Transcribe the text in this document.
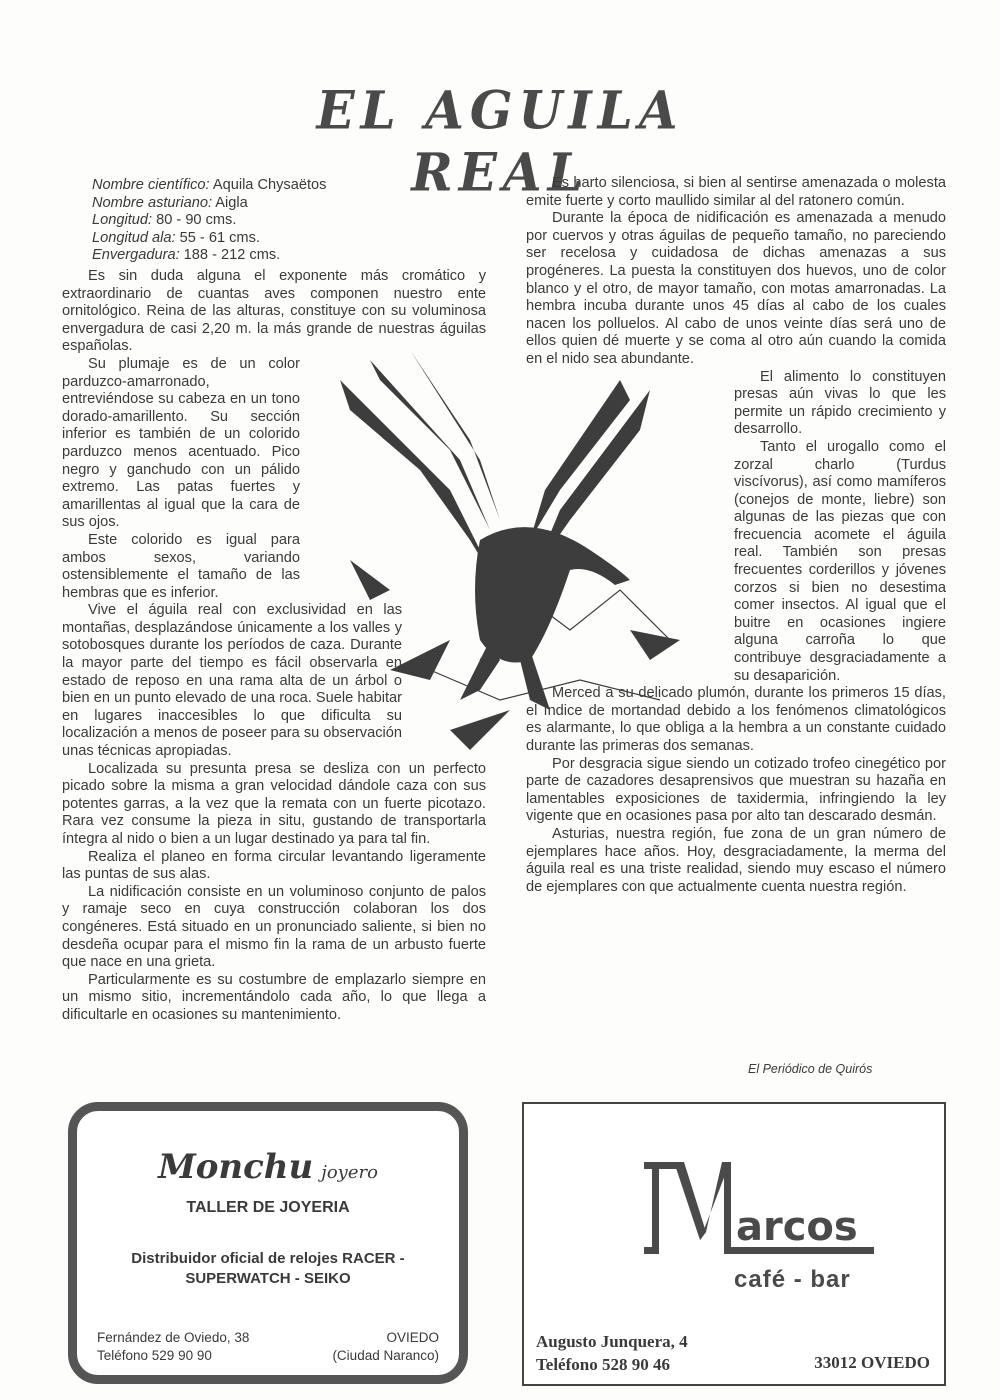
EL AGUILA REAL
Nombre científico: Aquila Chysaëtos
Nombre asturiano: Aigla
Longitud: 80 - 90 cms.
Longitud ala: 55 - 61 cms.
Envergadura: 188 - 212 cms.

Es sin duda alguna el exponente más cromático y extraordinario de cuantas aves componen nuestro ente ornitológico. Reina de las alturas, constituye con su voluminosa envergadura de casi 2,20 m. la más grande de nuestras águilas españolas.

Su plumaje es de un color parduzco-amarronado, entreviéndose su cabeza en un tono dorado-amarillento. Su sección inferior es también de un colorido parduzco menos acentuado. Pico negro y ganchudo con un pálido extremo. Las patas fuertes y amarillentas al igual que la cara de sus ojos.

Este colorido es igual para ambos sexos, variando ostensiblemente el tamaño de las hembras que es inferior.

Vive el águila real con exclusividad en las montañas, desplazándose únicamente a los valles y sotobosques durante los períodos de caza. Durante la mayor parte del tiempo es fácil observarla en estado de reposo en una rama alta de un árbol o bien en un punto elevado de una roca. Suele habitar en lugares inaccesibles lo que dificulta su localización a menos de poseer para su observación unas técnicas apropiadas.

Localizada su presunta presa se desliza con un perfecto picado sobre la misma a gran velocidad dándole caza con sus potentes garras, a la vez que la remata con un fuerte picotazo. Rara vez consume la pieza in situ, gustando de transportarla íntegra al nido o bien a un lugar destinado ya para tal fin.

Realiza el planeo en forma circular levantando ligeramente las puntas de sus alas.

La nidificación consiste en un voluminoso conjunto de palos y ramaje seco en cuya construcción colaboran los dos congéneres. Está situado en un pronunciado saliente, si bien no desdeña ocupar para el mismo fin la rama de un arbusto fuerte que nace en una grieta.

Particularmente es su costumbre de emplazarlo siempre en un mismo sitio, incrementándolo cada año, lo que llega a dificultarle en ocasiones su mantenimiento.

Es harto silenciosa, si bien al sentirse amenazada o molesta emite fuerte y corto maullido similar al del ratonero común.

Durante la época de nidificación es amenazada a menudo por cuervos y otras águilas de pequeño tamaño, no pareciendo ser recelosa y cuidadosa de dichas amenazas a sus progéneres. La puesta la constituyen dos huevos, uno de color blanco y el otro, de mayor tamaño, con motas amarronadas. La hembra incuba durante unos 45 días al cabo de los cuales nacen los polluelos. Al cabo de unos veinte días será uno de ellos quien dé muerte y se coma al otro aún cuando la comida en el nido sea abundante.

El alimento lo constituyen presas aún vivas lo que les permite un rápido crecimiento y desarrollo.

Tanto el urogallo como el zorzal charlo (Turdus viscívorus), así como mamíferos (conejos de monte, liebre) son algunas de las piezas que con frecuencia acomete el águila real. También son presas frecuentes corderillos y jóvenes corzos si bien no desestima comer insectos. Al igual que el buitre en ocasiones ingiere alguna carroña lo que contribuye desgraciadamente a su desaparición.

Merced a su delicado plumón, durante los primeros 15 días, el índice de mortandad debido a los fenómenos climatológicos es alarmante, lo que obliga a la hembra a un constante cuidado durante las primeras dos semanas.

Por desgracia sigue siendo un cotizado trofeo cinegético por parte de cazadores desaprensivos que muestran su hazaña en lamentables exposiciones de taxidermia, infringiendo la ley vigente que en ocasiones pasa por alto tan descarado desmán.

Asturias, nuestra región, fue zona de un gran número de ejemplares hace años. Hoy, desgraciadamente, la merma del águila real es una triste realidad, siendo muy escaso el número de ejemplares con que actualmente cuenta nuestra región.

El Periódico de Quirós
Monchu joyero
TALLER DE JOYERIA
Distribuidor oficial de relojes RACER -
SUPERWATCH - SEIKO
Fernández de Oviedo, 38
Teléfono 529 90 90
OVIEDO
(Ciudad Naranco)
arcos
café - bar
Augusto Junquera, 4
Teléfono 528 90 46	33012 OVIEDO
